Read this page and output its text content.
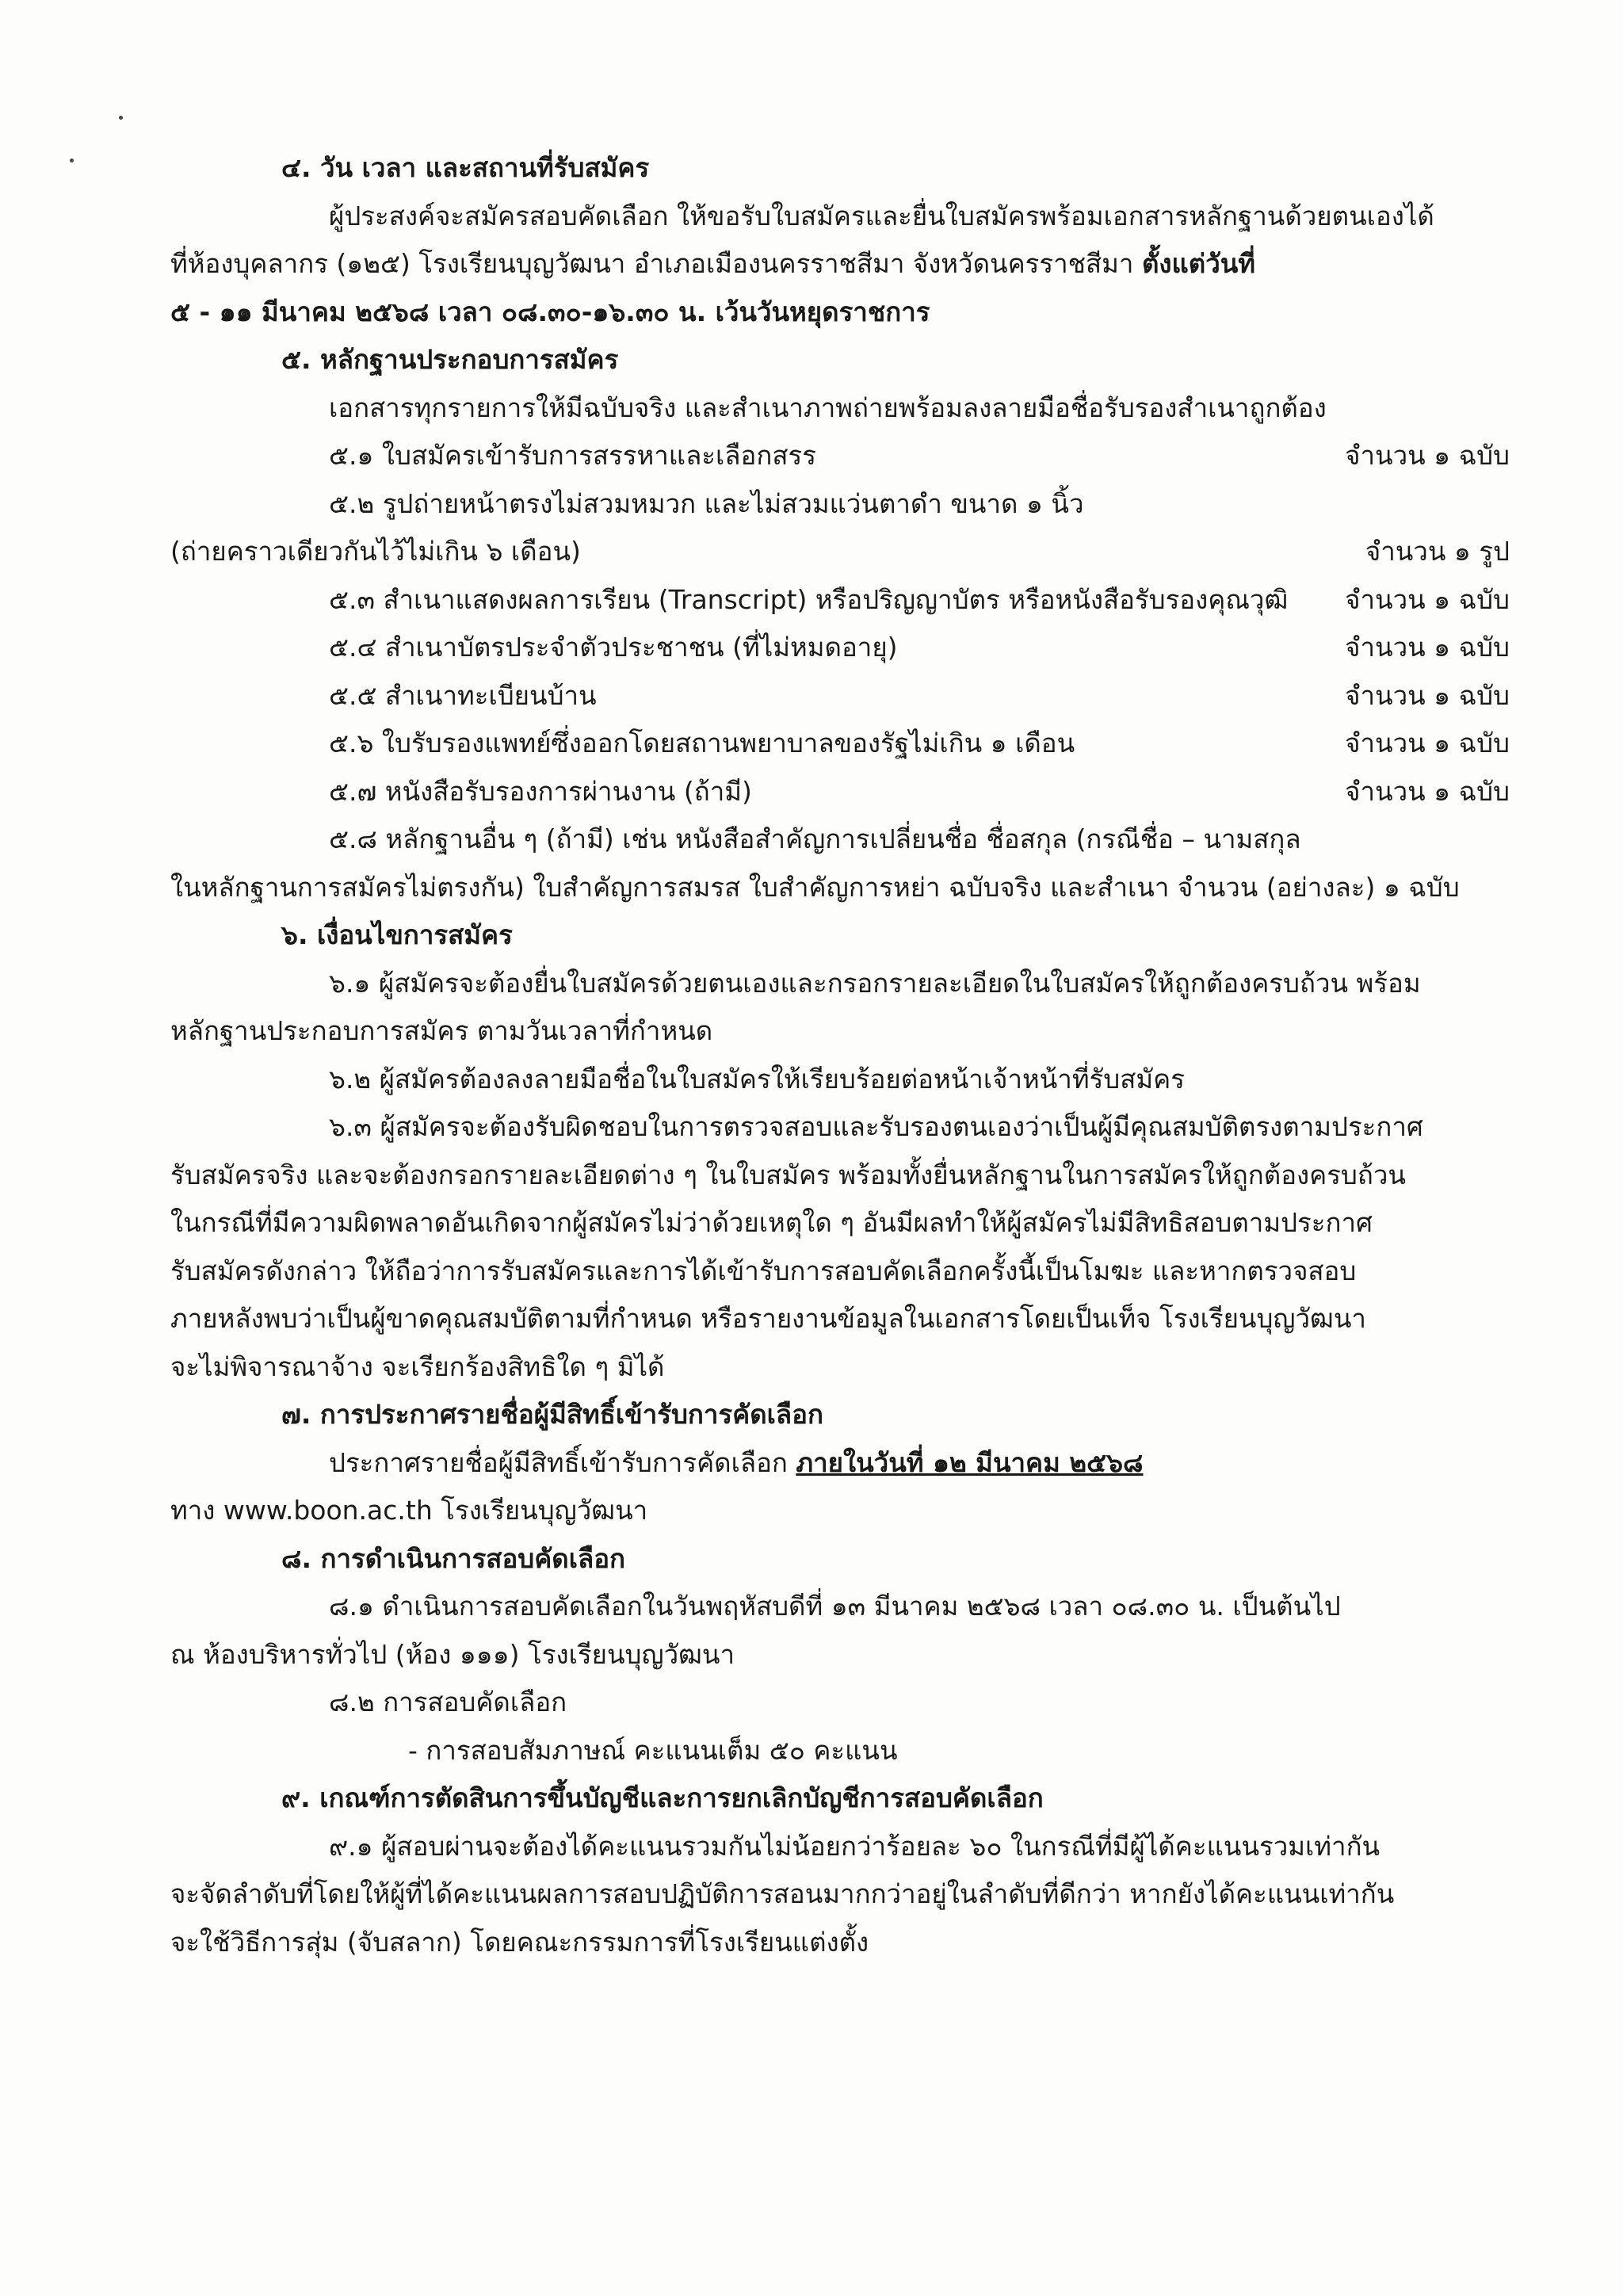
๔. วัน เวลา และสถานที่รับสมัคร
ผู้ประสงค์จะสมัครสอบคัดเลือก ให้ขอรับใบสมัครและยื่นใบสมัครพร้อมเอกสารหลักฐานด้วยตนเองได้
ที่ห้องบุคลากร (๑๒๕) โรงเรียนบุญวัฒนา อำเภอเมืองนครราชสีมา จังหวัดนครราชสีมา ตั้งแต่วันที่
๕ - ๑๑ มีนาคม ๒๕๖๘ เวลา ๐๘.๓๐-๑๖.๓๐ น. เว้นวันหยุดราชการ
๕. หลักฐานประกอบการสมัคร
เอกสารทุกรายการให้มีฉบับจริง และสำเนาภาพถ่ายพร้อมลงลายมือชื่อรับรองสำเนาถูกต้อง
๕.๑ ใบสมัครเข้ารับการสรรหาและเลือกสรร	จำนวน ๑ ฉบับ
๕.๒ รูปถ่ายหน้าตรงไม่สวมหมวก และไม่สวมแว่นตาดำ ขนาด ๑ นิ้ว
(ถ่ายคราวเดียวกันไว้ไม่เกิน ๖ เดือน)	จำนวน ๑ รูป
๕.๓ สำเนาแสดงผลการเรียน (Transcript) หรือปริญญาบัตร หรือหนังสือรับรองคุณวุฒิ จำนวน ๑ ฉบับ
๕.๔ สำเนาบัตรประจำตัวประชาชน (ที่ไม่หมดอายุ)	จำนวน ๑ ฉบับ
๕.๕ สำเนาทะเบียนบ้าน	จำนวน ๑ ฉบับ
๕.๖ ใบรับรองแพทย์ซึ่งออกโดยสถานพยาบาลของรัฐไม่เกิน ๑ เดือน	จำนวน ๑ ฉบับ
๕.๗ หนังสือรับรองการผ่านงาน (ถ้ามี)	จำนวน ๑ ฉบับ
๕.๘ หลักฐานอื่น ๆ (ถ้ามี) เช่น หนังสือสำคัญการเปลี่ยนชื่อ ชื่อสกุล (กรณีชื่อ – นามสกุล
ในหลักฐานการสมัครไม่ตรงกัน) ใบสำคัญการสมรส ใบสำคัญการหย่า ฉบับจริง และสำเนา จำนวน (อย่างละ) ๑ ฉบับ
๖. เงื่อนไขการสมัคร
๖.๑ ผู้สมัครจะต้องยื่นใบสมัครด้วยตนเองและกรอกรายละเอียดในใบสมัครให้ถูกต้องครบถ้วน พร้อม
หลักฐานประกอบการสมัคร ตามวันเวลาที่กำหนด
๖.๒ ผู้สมัครต้องลงลายมือชื่อในใบสมัครให้เรียบร้อยต่อหน้าเจ้าหน้าที่รับสมัคร
๖.๓ ผู้สมัครจะต้องรับผิดชอบในการตรวจสอบและรับรองตนเองว่าเป็นผู้มีคุณสมบัติตรงตามประกาศ
รับสมัครจริง และจะต้องกรอกรายละเอียดต่าง ๆ ในใบสมัคร พร้อมทั้งยื่นหลักฐานในการสมัครให้ถูกต้องครบถ้วน
ในกรณีที่มีความผิดพลาดอันเกิดจากผู้สมัครไม่ว่าด้วยเหตุใด ๆ อันมีผลทำให้ผู้สมัครไม่มีสิทธิสอบตามประกาศ
รับสมัครดังกล่าว ให้ถือว่าการรับสมัครและการได้เข้ารับการสอบคัดเลือกครั้งนี้เป็นโมฆะ และหากตรวจสอบ
ภายหลังพบว่าเป็นผู้ขาดคุณสมบัติตามที่กำหนด หรือรายงานข้อมูลในเอกสารโดยเป็นเท็จ โรงเรียนบุญวัฒนา
จะไม่พิจารณาจ้าง จะเรียกร้องสิทธิใด ๆ มิได้
๗. การประกาศรายชื่อผู้มีสิทธิ์เข้ารับการคัดเลือก
ประกาศรายชื่อผู้มีสิทธิ์เข้ารับการคัดเลือก ภายในวันที่ ๑๒ มีนาคม ๒๕๖๘
ทาง www.boon.ac.th โรงเรียนบุญวัฒนา
๘. การดำเนินการสอบคัดเลือก
๘.๑ ดำเนินการสอบคัดเลือกในวันพฤหัสบดีที่ ๑๓ มีนาคม ๒๕๖๘ เวลา ๐๘.๓๐ น. เป็นต้นไป
ณ ห้องบริหารทั่วไป (ห้อง ๑๑๑) โรงเรียนบุญวัฒนา
๘.๒ การสอบคัดเลือก
- การสอบสัมภาษณ์ คะแนนเต็ม ๕๐ คะแนน
๙. เกณฑ์การตัดสินการขึ้นบัญชีและการยกเลิกบัญชีการสอบคัดเลือก
๙.๑ ผู้สอบผ่านจะต้องได้คะแนนรวมกันไม่น้อยกว่าร้อยละ ๖๐ ในกรณีที่มีผู้ได้คะแนนรวมเท่ากัน
จะจัดลำดับที่โดยให้ผู้ที่ได้คะแนนผลการสอบปฏิบัติการสอนมากกว่าอยู่ในลำดับที่ดีกว่า หากยังได้คะแนนเท่ากัน
จะใช้วิธีการสุ่ม (จับสลาก) โดยคณะกรรมการที่โรงเรียนแต่งตั้ง
